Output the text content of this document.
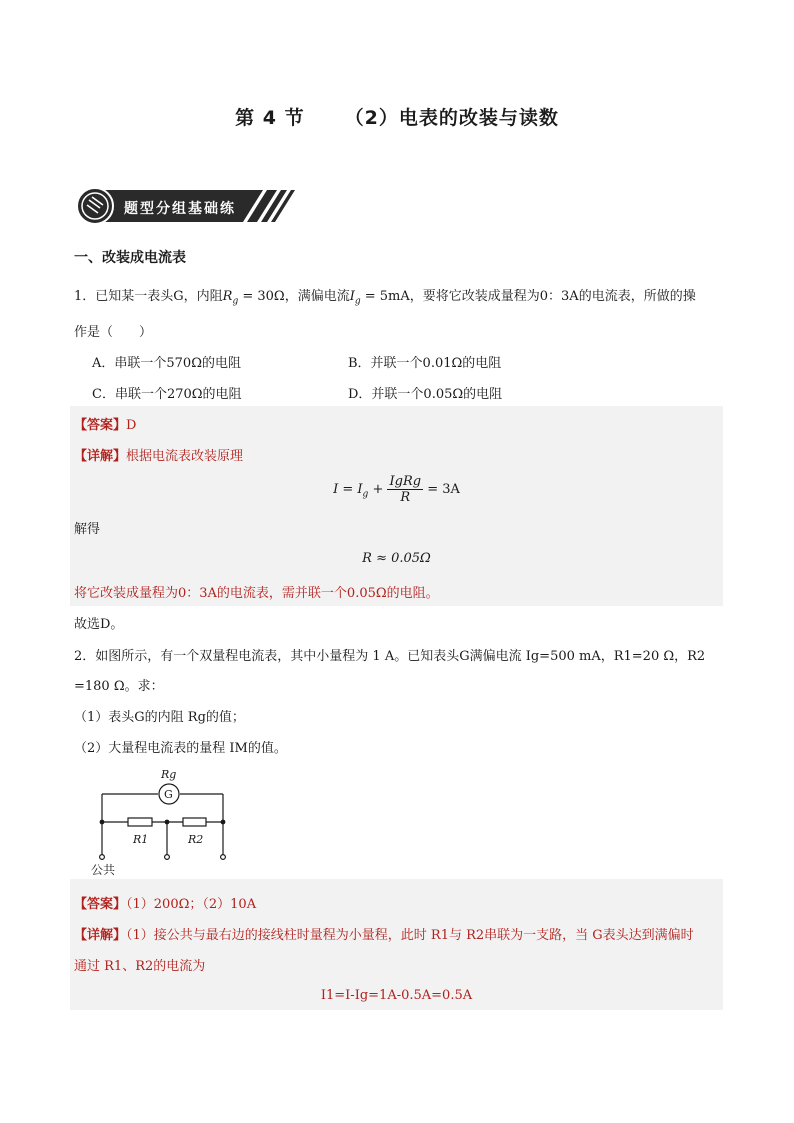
第 4 节 （2）电表的改装与读数
题型分组基础练
一、改装成电流表
1．已知某一表头G，内阻$R_g = 30\Omega$，满偏电流$I_g = 5mA$，要将它改装成量程为0：3A的电流表，所做的操
作是（　　）
A．串联一个570Ω的电阻	B．并联一个0.01Ω的电阻
C．串联一个270Ω的电阻	D．并联一个0.05Ω的电阻
【答案】D
【详解】根据电流表改装原理
$I = I_g + \frac{\text{IgRg}}{R} = 3A$
解得
R ≈ 0.05Ω
将它改装成量程为0：3A的电流表，需并联一个0.05Ω的电阻。
故选D。
2．如图所示，有一个双量程电流表，其中小量程为 1 A。已知表头G满偏电流 Ig=500 mA，R1=20 Ω，R2
=180 Ω。求：
（1）表头G的内阻 Rg的值；
（2）大量程电流表的量程 IM的值。
Rg
G
R1	R2
公共
【答案】（1）200Ω；（2）10A
【详解】（1）接公共与最右边的接线柱时量程为小量程，此时 R1与 R2串联为一支路，当 G表头达到满偏时
通过 R1、R2的电流为
I1=I-Ig=1A-0.5A=0.5A
